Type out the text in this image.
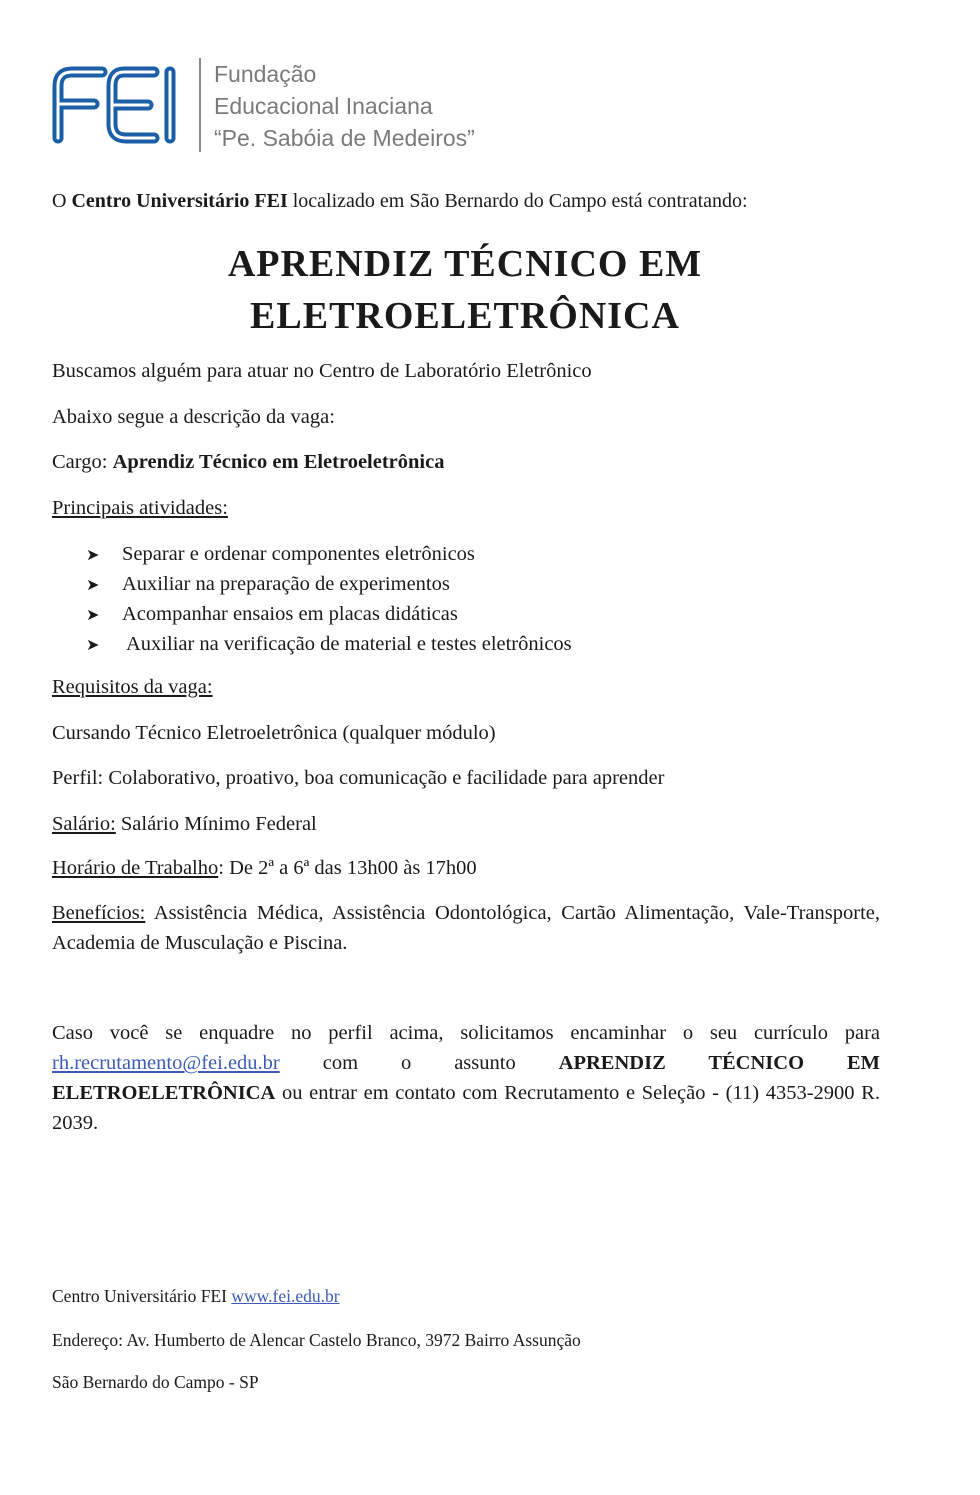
Fundação
Educacional Inaciana
“Pe. Sabóia de Medeiros”
O Centro Universitário FEI localizado em São Bernardo do Campo está contratando:
APRENDIZ TÉCNICO EM
ELETROELETRÔNICA
Buscamos alguém para atuar no Centro de Laboratório Eletrônico
Abaixo segue a descrição da vaga:
Cargo: Aprendiz Técnico em Eletroeletrônica
Principais atividades:
➤ Separar e ordenar componentes eletrônicos
➤ Auxiliar na preparação de experimentos
➤ Acompanhar ensaios em placas didáticas
➤ Auxiliar na verificação de material e testes eletrônicos
Requisitos da vaga:
Cursando Técnico Eletroeletrônica (qualquer módulo)
Perfil: Colaborativo, proativo, boa comunicação e facilidade para aprender
Salário: Salário Mínimo Federal
Horário de Trabalho: De 2ª a 6ª das 13h00 às 17h00
Benefícios: Assistência Médica, Assistência Odontológica, Cartão Alimentação, Vale-Transporte, Academia de Musculação e Piscina.
Caso você se enquadre no perfil acima, solicitamos encaminhar o seu currículo para rh.recrutamento@fei.edu.br com o assunto APRENDIZ TÉCNICO EM ELETROELETRÔNICA ou entrar em contato com Recrutamento e Seleção - (11) 4353-2900 R. 2039.
Centro Universitário FEI www.fei.edu.br
Endereço: Av. Humberto de Alencar Castelo Branco, 3972 Bairro Assunção
São Bernardo do Campo - SP
